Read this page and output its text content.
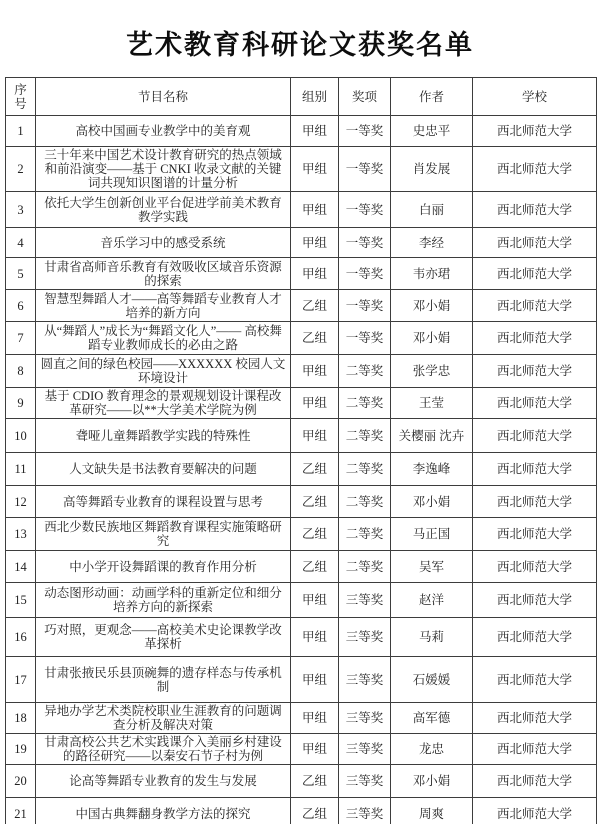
艺术教育科研论文获奖名单
序号	节目名称	组别	奖项	作者	学校
1	高校中国画专业教学中的美育观	甲组	一等奖	史忠平	西北师范大学
2	三十年来中国艺术设计教育研究的热点领域和前沿演变——基于 CNKI 收录文献的关键词共现知识图谱的计量分析	甲组	一等奖	肖发展	西北师范大学
3	依托大学生创新创业平台促进学前美术教育教学实践	甲组	一等奖	白丽	西北师范大学
4	音乐学习中的感受系统	甲组	一等奖	李经	西北师范大学
5	甘肃省高师音乐教育有效吸收区域音乐资源的探索	甲组	一等奖	韦亦珺	西北师范大学
6	智慧型舞蹈人才——高等舞蹈专业教育人才培养的新方向	乙组	一等奖	邓小娟	西北师范大学
7	从“舞蹈人”成长为“舞蹈文化人”—— 高校舞蹈专业教师成长的必由之路	乙组	一等奖	邓小娟	西北师范大学
8	圆直之间的绿色校园——XXXXXX 校园人文环境设计	甲组	二等奖	张学忠	西北师范大学
9	基于 CDIO 教育理念的景观规划设计课程改革研究——以**大学美术学院为例	甲组	二等奖	王莹	西北师范大学
10	聋哑儿童舞蹈教学实践的特殊性	甲组	二等奖	关樱丽 沈卉	西北师范大学
11	人文缺失是书法教育要解决的问题	乙组	二等奖	李逸峰	西北师范大学
12	高等舞蹈专业教育的课程设置与思考	乙组	二等奖	邓小娟	西北师范大学
13	西北少数民族地区舞蹈教育课程实施策略研究	乙组	二等奖	马正国	西北师范大学
14	中小学开设舞蹈课的教育作用分析	乙组	二等奖	吴军	西北师范大学
15	动态图形动画：动画学科的重新定位和细分培养方向的新探索	甲组	三等奖	赵洋	西北师范大学
16	巧对照，更观念——高校美术史论课教学改革探析	甲组	三等奖	马莉	西北师范大学
17	甘肃张掖民乐县顶碗舞的遗存样态与传承机制	甲组	三等奖	石媛媛	西北师范大学
18	异地办学艺术类院校职业生涯教育的问题调查分析及解决对策	甲组	三等奖	高军德	西北师范大学
19	甘肃高校公共艺术实践课介入美丽乡村建设的路径研究——以秦安石节子村为例	甲组	三等奖	龙忠	西北师范大学
20	论高等舞蹈专业教育的发生与发展	乙组	三等奖	邓小娟	西北师范大学
21	中国古典舞翻身教学方法的探究	乙组	三等奖	周爽	西北师范大学
